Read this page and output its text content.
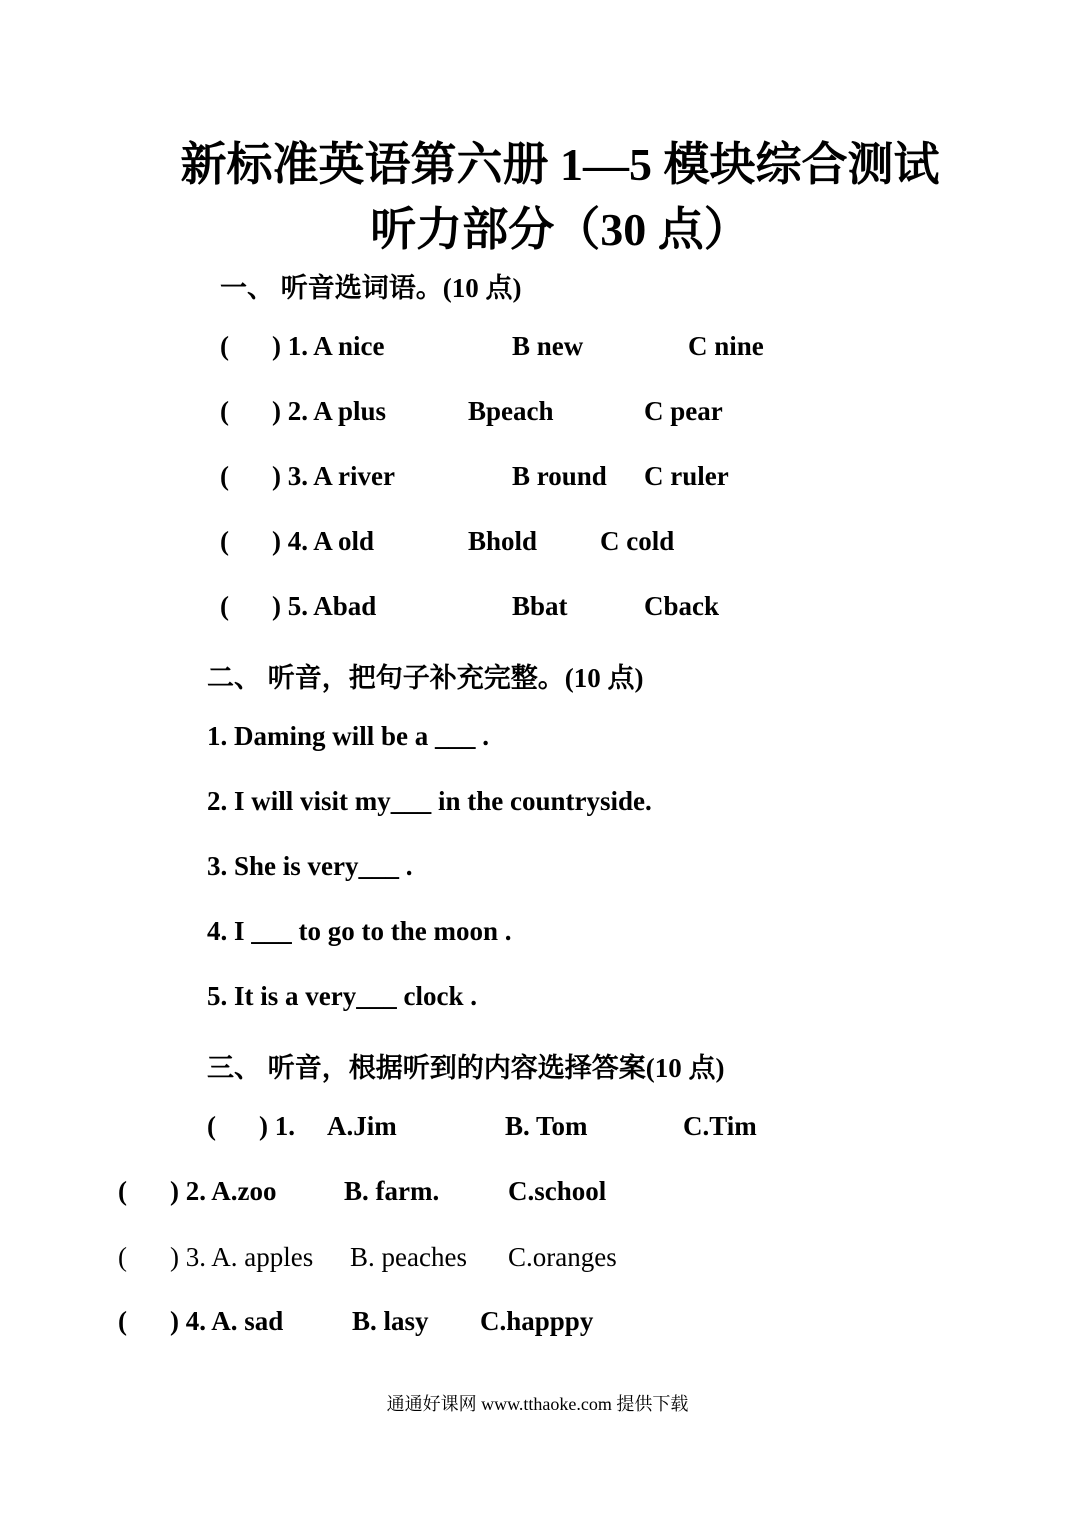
新标准英语第六册 1—5 模块综合测试
听力部分（30 点）
一、 听音选词语。(10 点)
( ) 1. A nice	B new	C nine
( ) 2. A plus	Bpeach	C pear
( ) 3. A river	B round C ruler
( ) 4. A old	Bhold C cold
( ) 5. Abad	Bbat	Cback
二、 听音，把句子补充完整。(10 点)
1. Daming will be a ___ .
2. I will visit my___ in the countryside.
3. She is very___ .
4. I ___ to go to the moon .
5. It is a very___ clock .
三、 听音，根据听到的内容选择答案(10 点)
( ) 1. A.Jim	B. Tom	C.Tim
( ) 2. A.zoo	B. farm.	C.school
( ) 3. A. apples B. peaches C.oranges
( ) 4. A. sad	B. lasy C.happpy
通通好课网 www.tthaoke.com 提供下载
